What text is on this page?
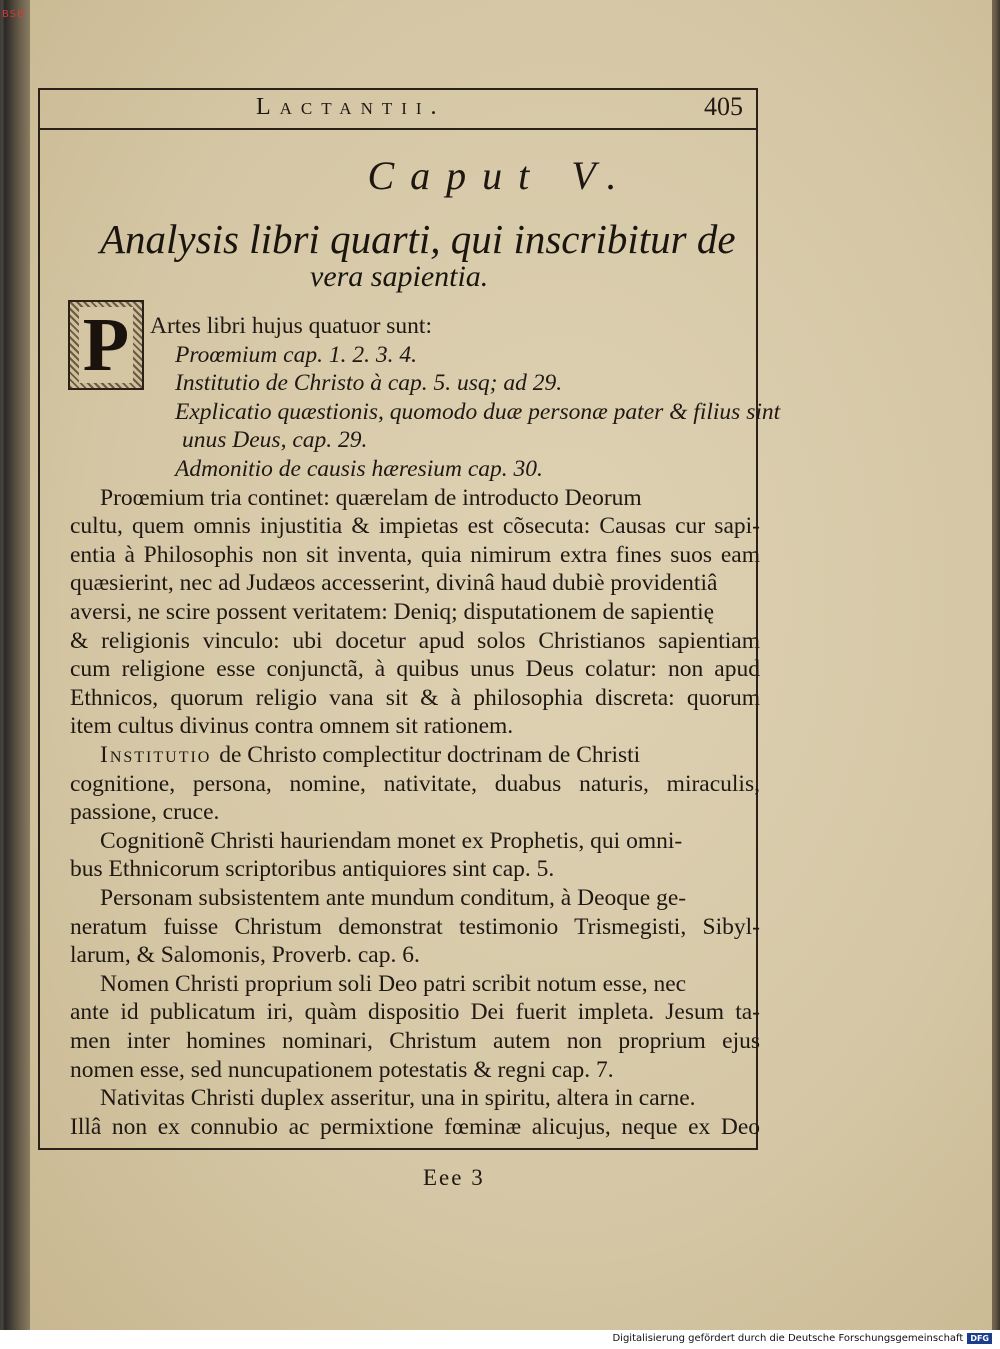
BSB
Lactantii.	405
Caput V.
Analysis libri quarti, qui inscribitur de
vera sapientia.
P Artes libri hujus quatuor sunt:
Proœmium cap. 1. 2. 3. 4.
Institutio de Christo à cap. 5. usq; ad 29.
Explicatio quæstionis, quomodo duæ personæ pater & filius sint
unus Deus, cap. 29.
Admonitio de causis hæresium cap. 30.
Proœmium tria continet: quærelam de introducto Deorum
cultu, quem omnis injustitia & impietas est cõsecuta: Causas cur sapi-
entia à Philosophis non sit inventa, quia nimirum extra fines suos eam
quæsierint, nec ad Judæos accesserint, divinâ haud dubiè providentiâ
aversi, ne scire possent veritatem: Deniq; disputationem de sapientię
& religionis vinculo: ubi docetur apud solos Christianos sapientiam
cum religione esse conjunctã, à quibus unus Deus colatur: non apud
Ethnicos, quorum religio vana sit & à philosophia discreta: quorum
item cultus divinus contra omnem sit rationem.
Institutio de Christo complectitur doctrinam de Christi
cognitione, persona, nomine, nativitate, duabus naturis, miraculis,
passione, cruce.
Cognitionẽ Christi hauriendam monet ex Prophetis, qui omni-
bus Ethnicorum scriptoribus antiquiores sint cap. 5.
Personam subsistentem ante mundum conditum, à Deoque ge-
neratum fuisse Christum demonstrat testimonio Trismegisti, Sibyl-
larum, & Salomonis, Proverb. cap. 6.
Nomen Christi proprium soli Deo patri scribit notum esse, nec
ante id publicatum iri, quàm dispositio Dei fuerit impleta. Jesum ta-
men inter homines nominari, Christum autem non proprium ejus
nomen esse, sed nuncupationem potestatis & regni cap. 7.
Nativitas Christi duplex asseritur, una in spiritu, altera in carne.
Illâ non ex connubio ac permixtione fœminæ alicujus, neque ex Deo
Eee 3
Digitalisierung gefördert durch die Deutsche Forschungsgemeinschaft DFG
